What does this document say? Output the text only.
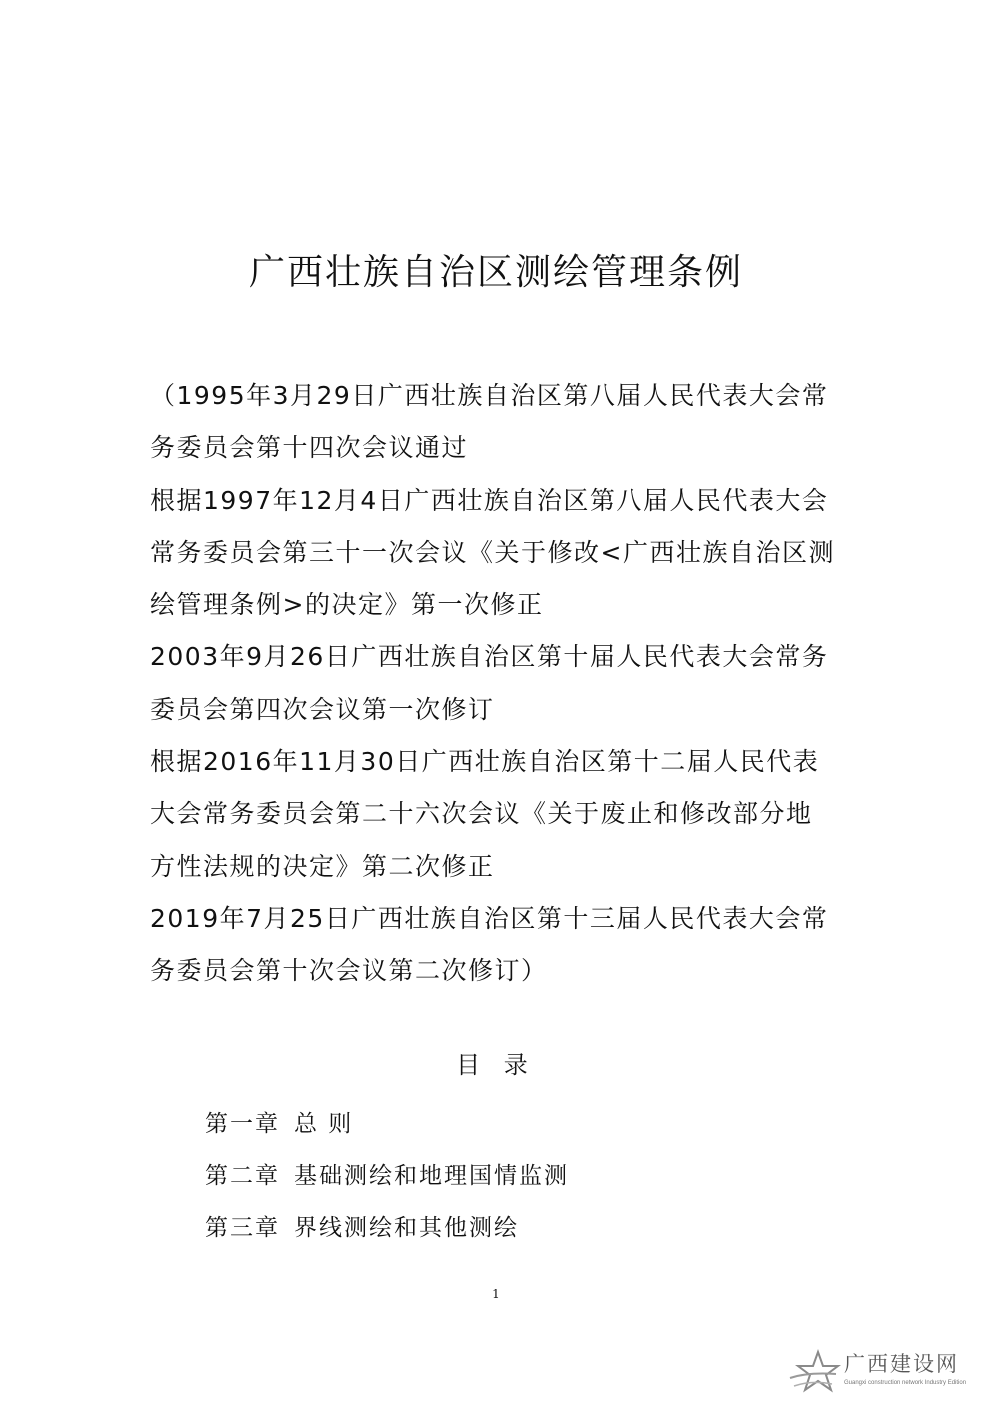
广西壮族自治区测绘管理条例
（1995年3月29日广西壮族自治区第八届人民代表大会常
务委员会第十四次会议通过
根据1997年12月4日广西壮族自治区第八届人民代表大会
常务委员会第三十一次会议《关于修改<广西壮族自治区测
绘管理条例>的决定》第一次修正
2003年9月26日广西壮族自治区第十届人民代表大会常务
委员会第四次会议第一次修订
根据2016年11月30日广西壮族自治区第十二届人民代表
大会常务委员会第二十六次会议《关于废止和修改部分地
方性法规的决定》第二次修正
2019年7月25日广西壮族自治区第十三届人民代表大会常
务委员会第十次会议第二次修订）
目 录
第一章 总 则
第二章 基础测绘和地理国情监测
第三章 界线测绘和其他测绘
1
广西建设网
Guangxi construction network Industry Edition
